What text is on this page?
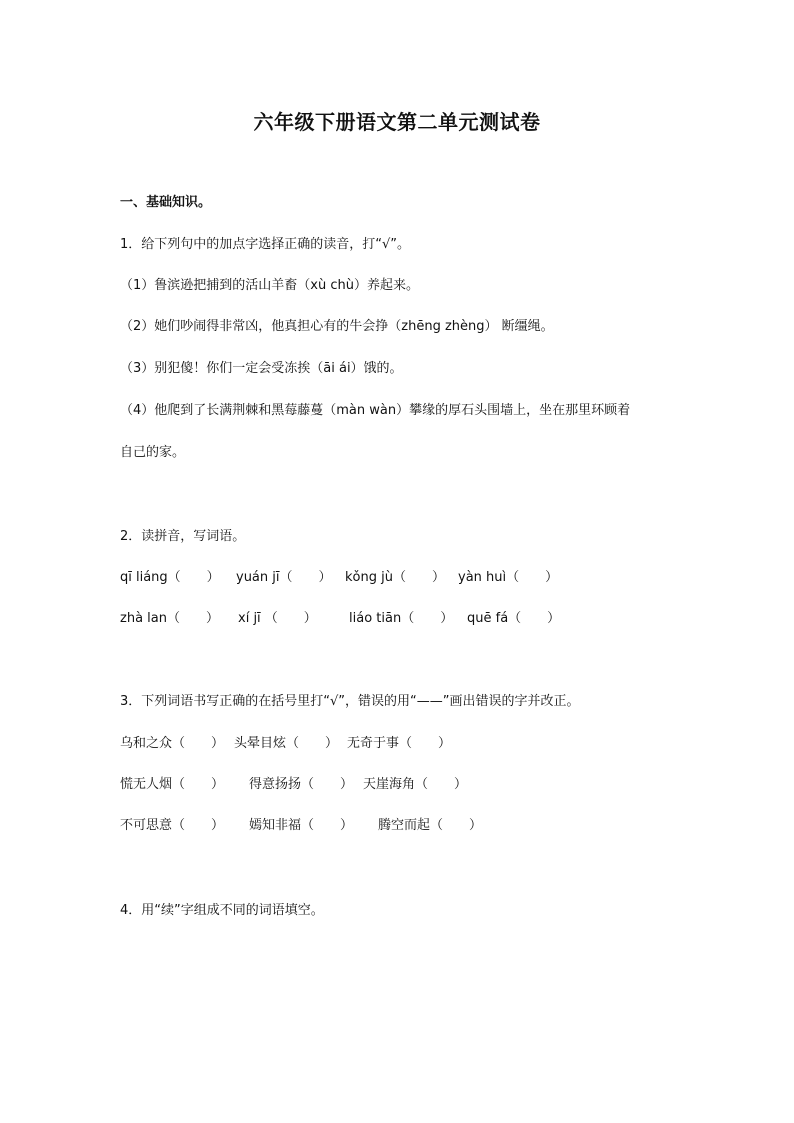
六年级下册语文第二单元测试卷
一、基础知识。
1．给下列句中的加点字选择正确的读音，打“√”。
（1）鲁滨逊把捕到的活山羊畜（xù chù）养起来。
（2）她们吵闹得非常凶，他真担心有的牛会挣（zhēng zhèng） 断缰绳。
（3）别犯傻！你们一定会受冻挨（āi ái）饿的。
（4）他爬到了长满荆棘和黑莓藤蔓（màn wàn）攀缘的厚石头围墙上，坐在那里环顾着
自己的家。
2．读拼音，写词语。
qī liáng（　　） yuán jī（　　） kǒng jù（　　） yàn huì（　　）
zhà lan（　　） xí jī （　　） liáo tiān（　　） quē fá（　　）
3．下列词语书写正确的在括号里打“√”，错误的用“——”画出错误的字并改正。
乌和之众（　　） 头晕目炫（　　） 无奇于事（　　）
慌无人烟（　　） 得意扬扬（　　） 天崖海角（　　）
不可思意（　　） 嫣知非福（　　） 腾空而起（　　）
4．用“续”字组成不同的词语填空。
